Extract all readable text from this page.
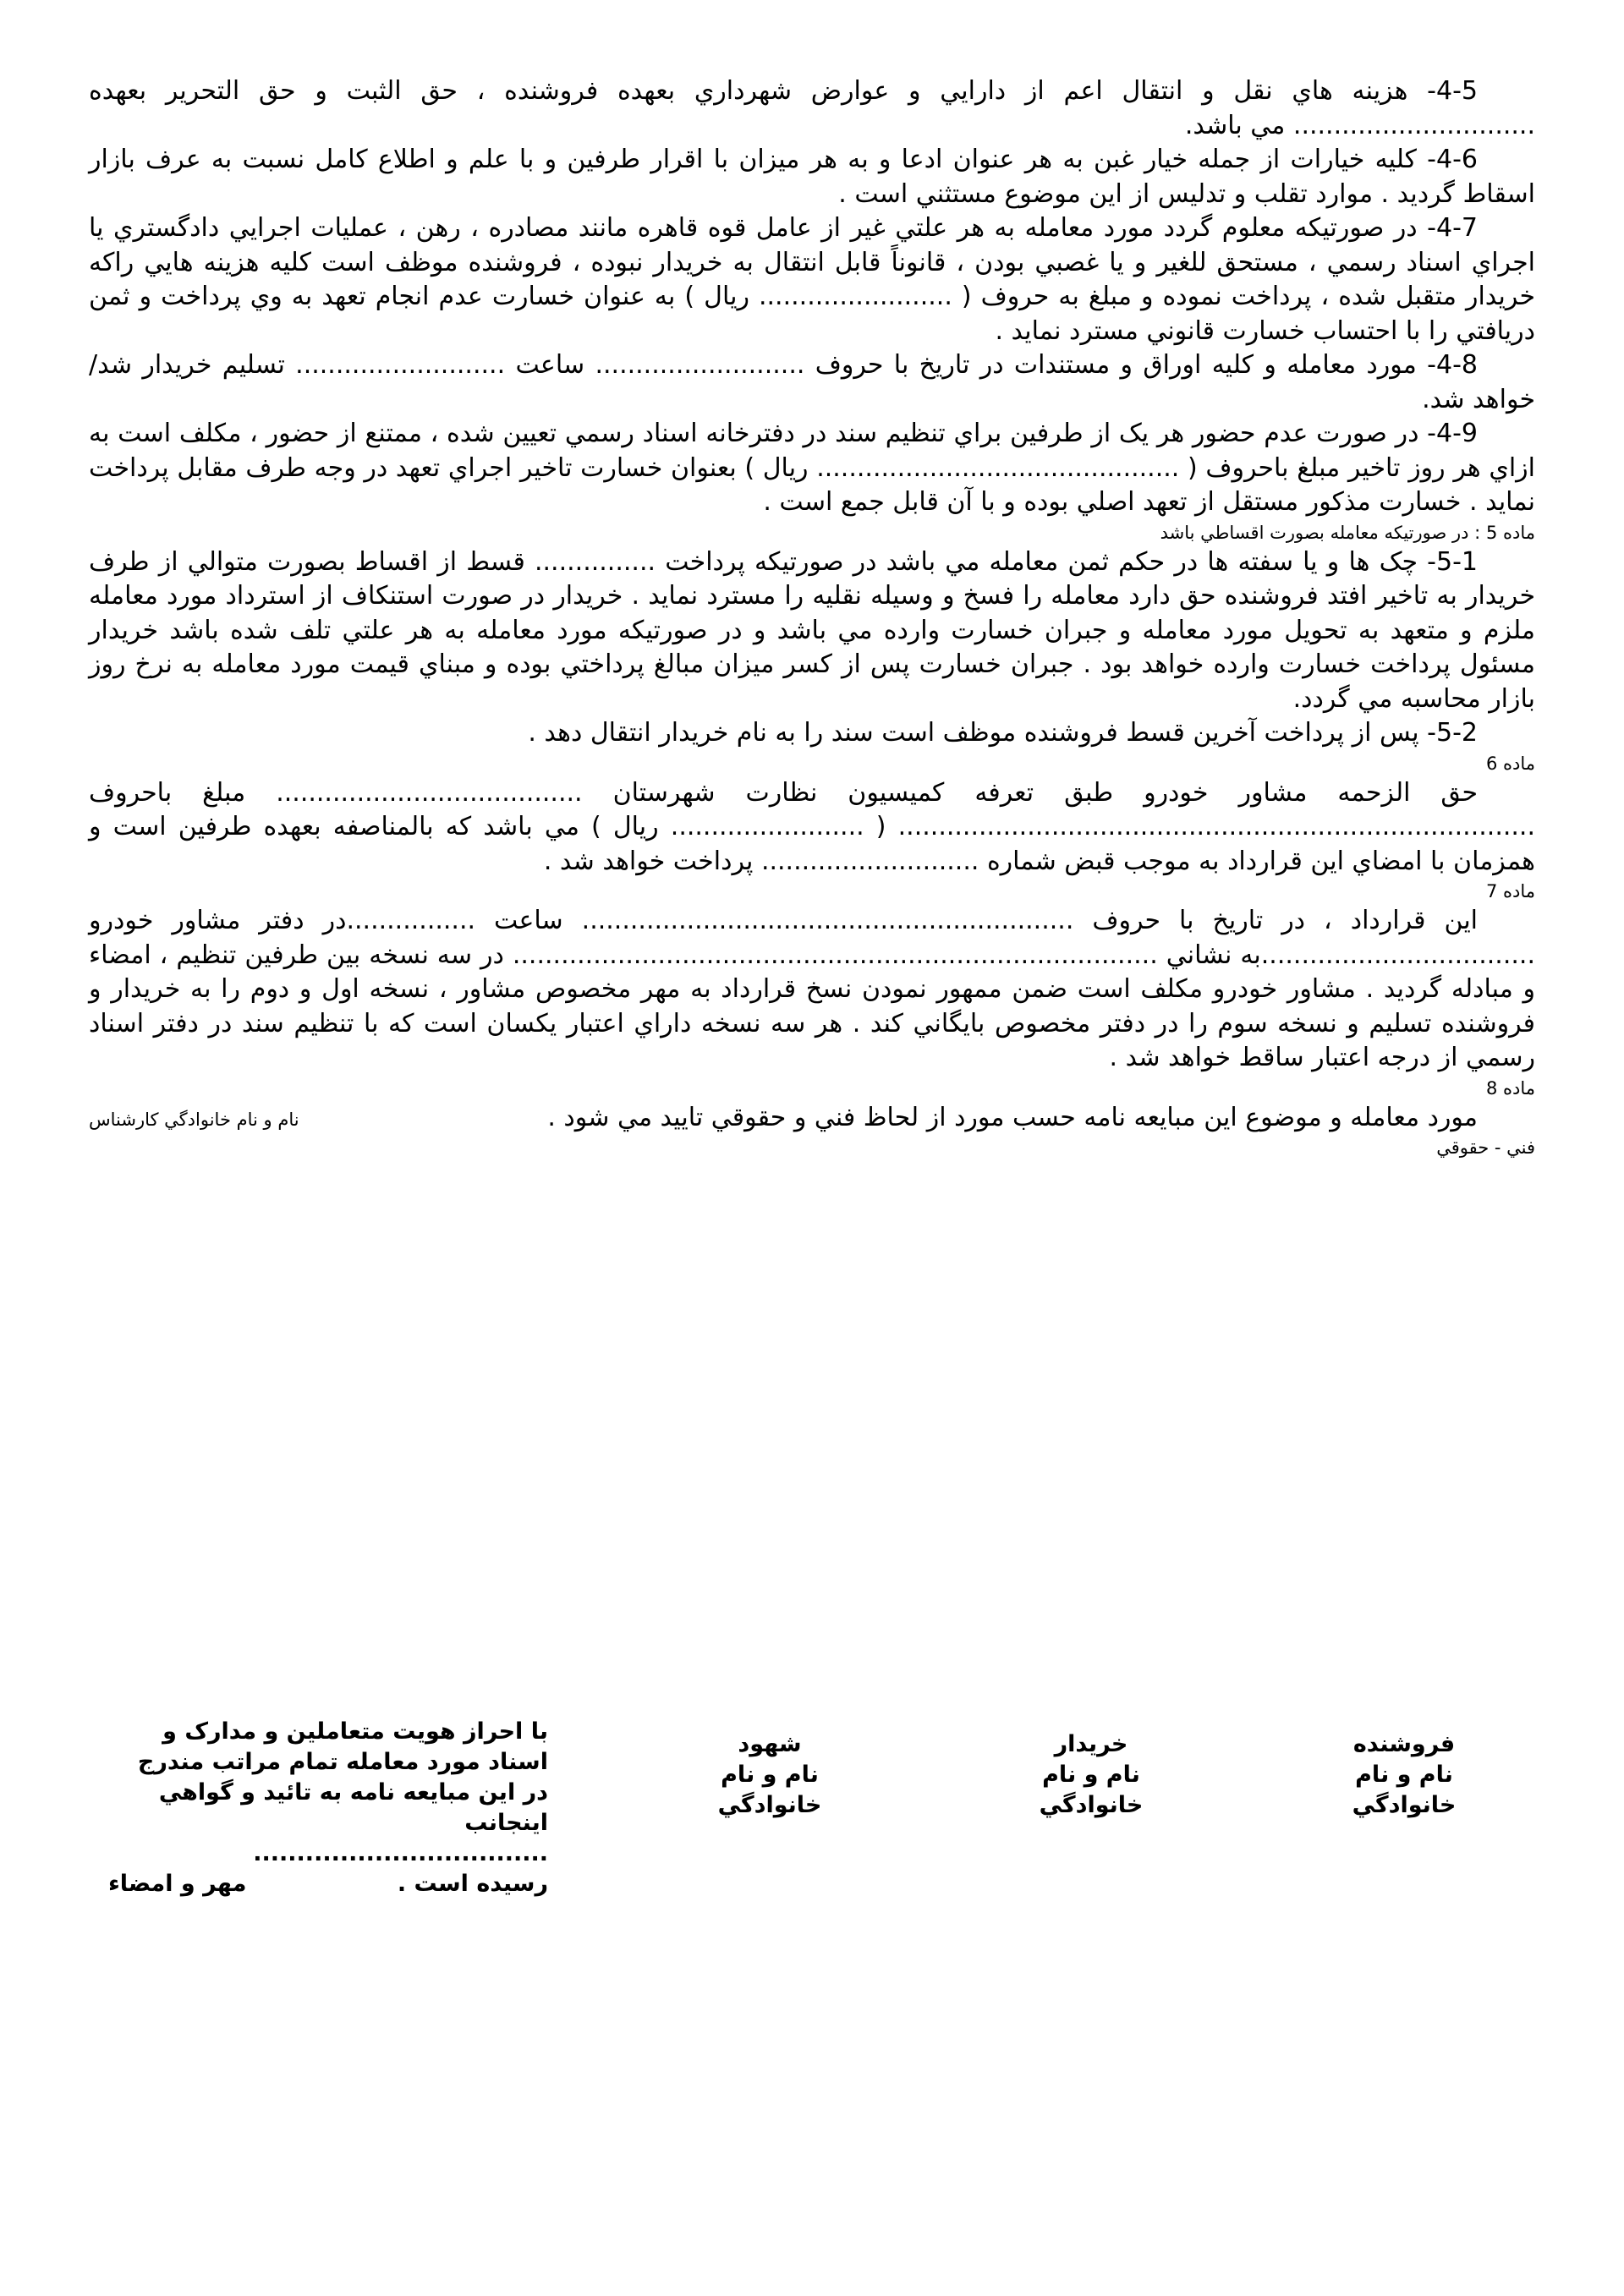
4-5- هزينه هاي نقل و انتقال اعم از دارايي و عوارض شهرداري بعهده فروشنده ، حق الثبت و حق التحرير بعهده .............................. مي باشد.

4-6- كليه خيارات از جمله خيار غبن به هر عنوان ادعا و به هر ميزان با اقرار طرفين و با علم و اطلاع كامل نسبت به عرف بازار اسقاط گرديد . موارد تقلب و تدليس از اين موضوع مستثني است .

4-7- در صورتيكه معلوم گردد مورد معامله به هر علتي غير از عامل قوه قاهره مانند مصادره ، رهن ، عمليات اجرايي دادگستري يا اجراي اسناد رسمي ، مستحق للغير و يا غصبي بودن ، قانوناً قابل انتقال به خريدار نبوده ، فروشنده موظف است كليه هزينه هايي راكه خريدار متقبل شده ، پرداخت نموده و مبلغ به حروف ( ........................ ريال ) به عنوان خسارت عدم انجام تعهد به وي پرداخت و ثمن دريافتي را با احتساب خسارت قانوني مسترد نمايد .

4-8- مورد معامله و كليه اوراق و مستندات در تاريخ با حروف .......................... ساعت .......................... تسليم خريدار شد/ خواهد شد.

4-9- در صورت عدم حضور هر يک از طرفين براي تنظيم سند در دفترخانه اسناد رسمي تعيين شده ، ممتنع از حضور ، مكلف است به ازاي هر روز تاخير مبلغ باحروف ( ............................................. ريال ) بعنوان خسارت تاخير اجراي تعهد در وجه طرف مقابل پرداخت نمايد . خسارت مذكور مستقل از تعهد اصلي بوده و با آن قابل جمع است .

ماده 5 : در صورتيكه معامله بصورت اقساطي باشد

5-1- چک ها و يا سفته ها در حكم ثمن معامله مي باشد در صورتيكه پرداخت ............... قسط از اقساط بصورت متوالي از طرف خريدار به تاخير افتد فروشنده حق دارد معامله را فسخ و وسيله نقليه را مسترد نمايد . خريدار در صورت استنكاف از استرداد مورد معامله ملزم و متعهد به تحويل مورد معامله و جبران خسارت وارده مي باشد و در صورتيكه مورد معامله به هر علتي تلف شده باشد خريدار مسئول پرداخت خسارت وارده خواهد بود . جبران خسارت پس از كسر ميزان مبالغ پرداختي بوده و مبناي قيمت مورد معامله به نرخ روز بازار محاسبه مي گردد.

5-2- پس از پرداخت آخرين قسط فروشنده موظف است سند را به نام خريدار انتقال دهد .

ماده 6

حق الزحمه مشاور خودرو طبق تعرفه كميسيون نظارت شهرستان ...................................... مبلغ باحروف ............................................................................... ( ........................ ريال ) مي باشد كه بالمناصفه بعهده طرفين است و همزمان با امضاي اين قرارداد به موجب قبض شماره ........................... پرداخت خواهد شد .

ماده 7

اين قرارداد ، در تاريخ با حروف ............................................................. ساعت ................در دفتر مشاور خودرو ..................................به نشاني ................................................................................ در سه نسخه بين طرفين تنظيم ، امضاء و مبادله گرديد . مشاور خودرو مكلف است ضمن ممهور نمودن نسخ قرارداد به مهر مخصوص مشاور ، نسخه اول و دوم را به خريدار و فروشنده تسليم و نسخه سوم را در دفتر مخصوص بايگاني كند . هر سه نسخه داراي اعتبار يكسان است كه با تنظيم سند در دفتر اسناد رسمي از درجه اعتبار ساقط خواهد شد .

ماده 8

مورد معامله و موضوع اين مبايعه نامه حسب مورد از لحاظ فني و حقوقي تاييد مي شود .

نام و نام خانوادگي كارشناس

فني - حقوقي

فروشنده
نام و نام
خانوادگي
خريدار
نام و نام
خانوادگي
شهود
نام و نام
خانوادگي
با احراز هويت متعاملين و مدارک و اسناد مورد معامله تمام مراتب مندرج در اين مبايعه نامه به تائيد و گواهي اينجانب
..................................
رسيده است .
مهر و امضاء
